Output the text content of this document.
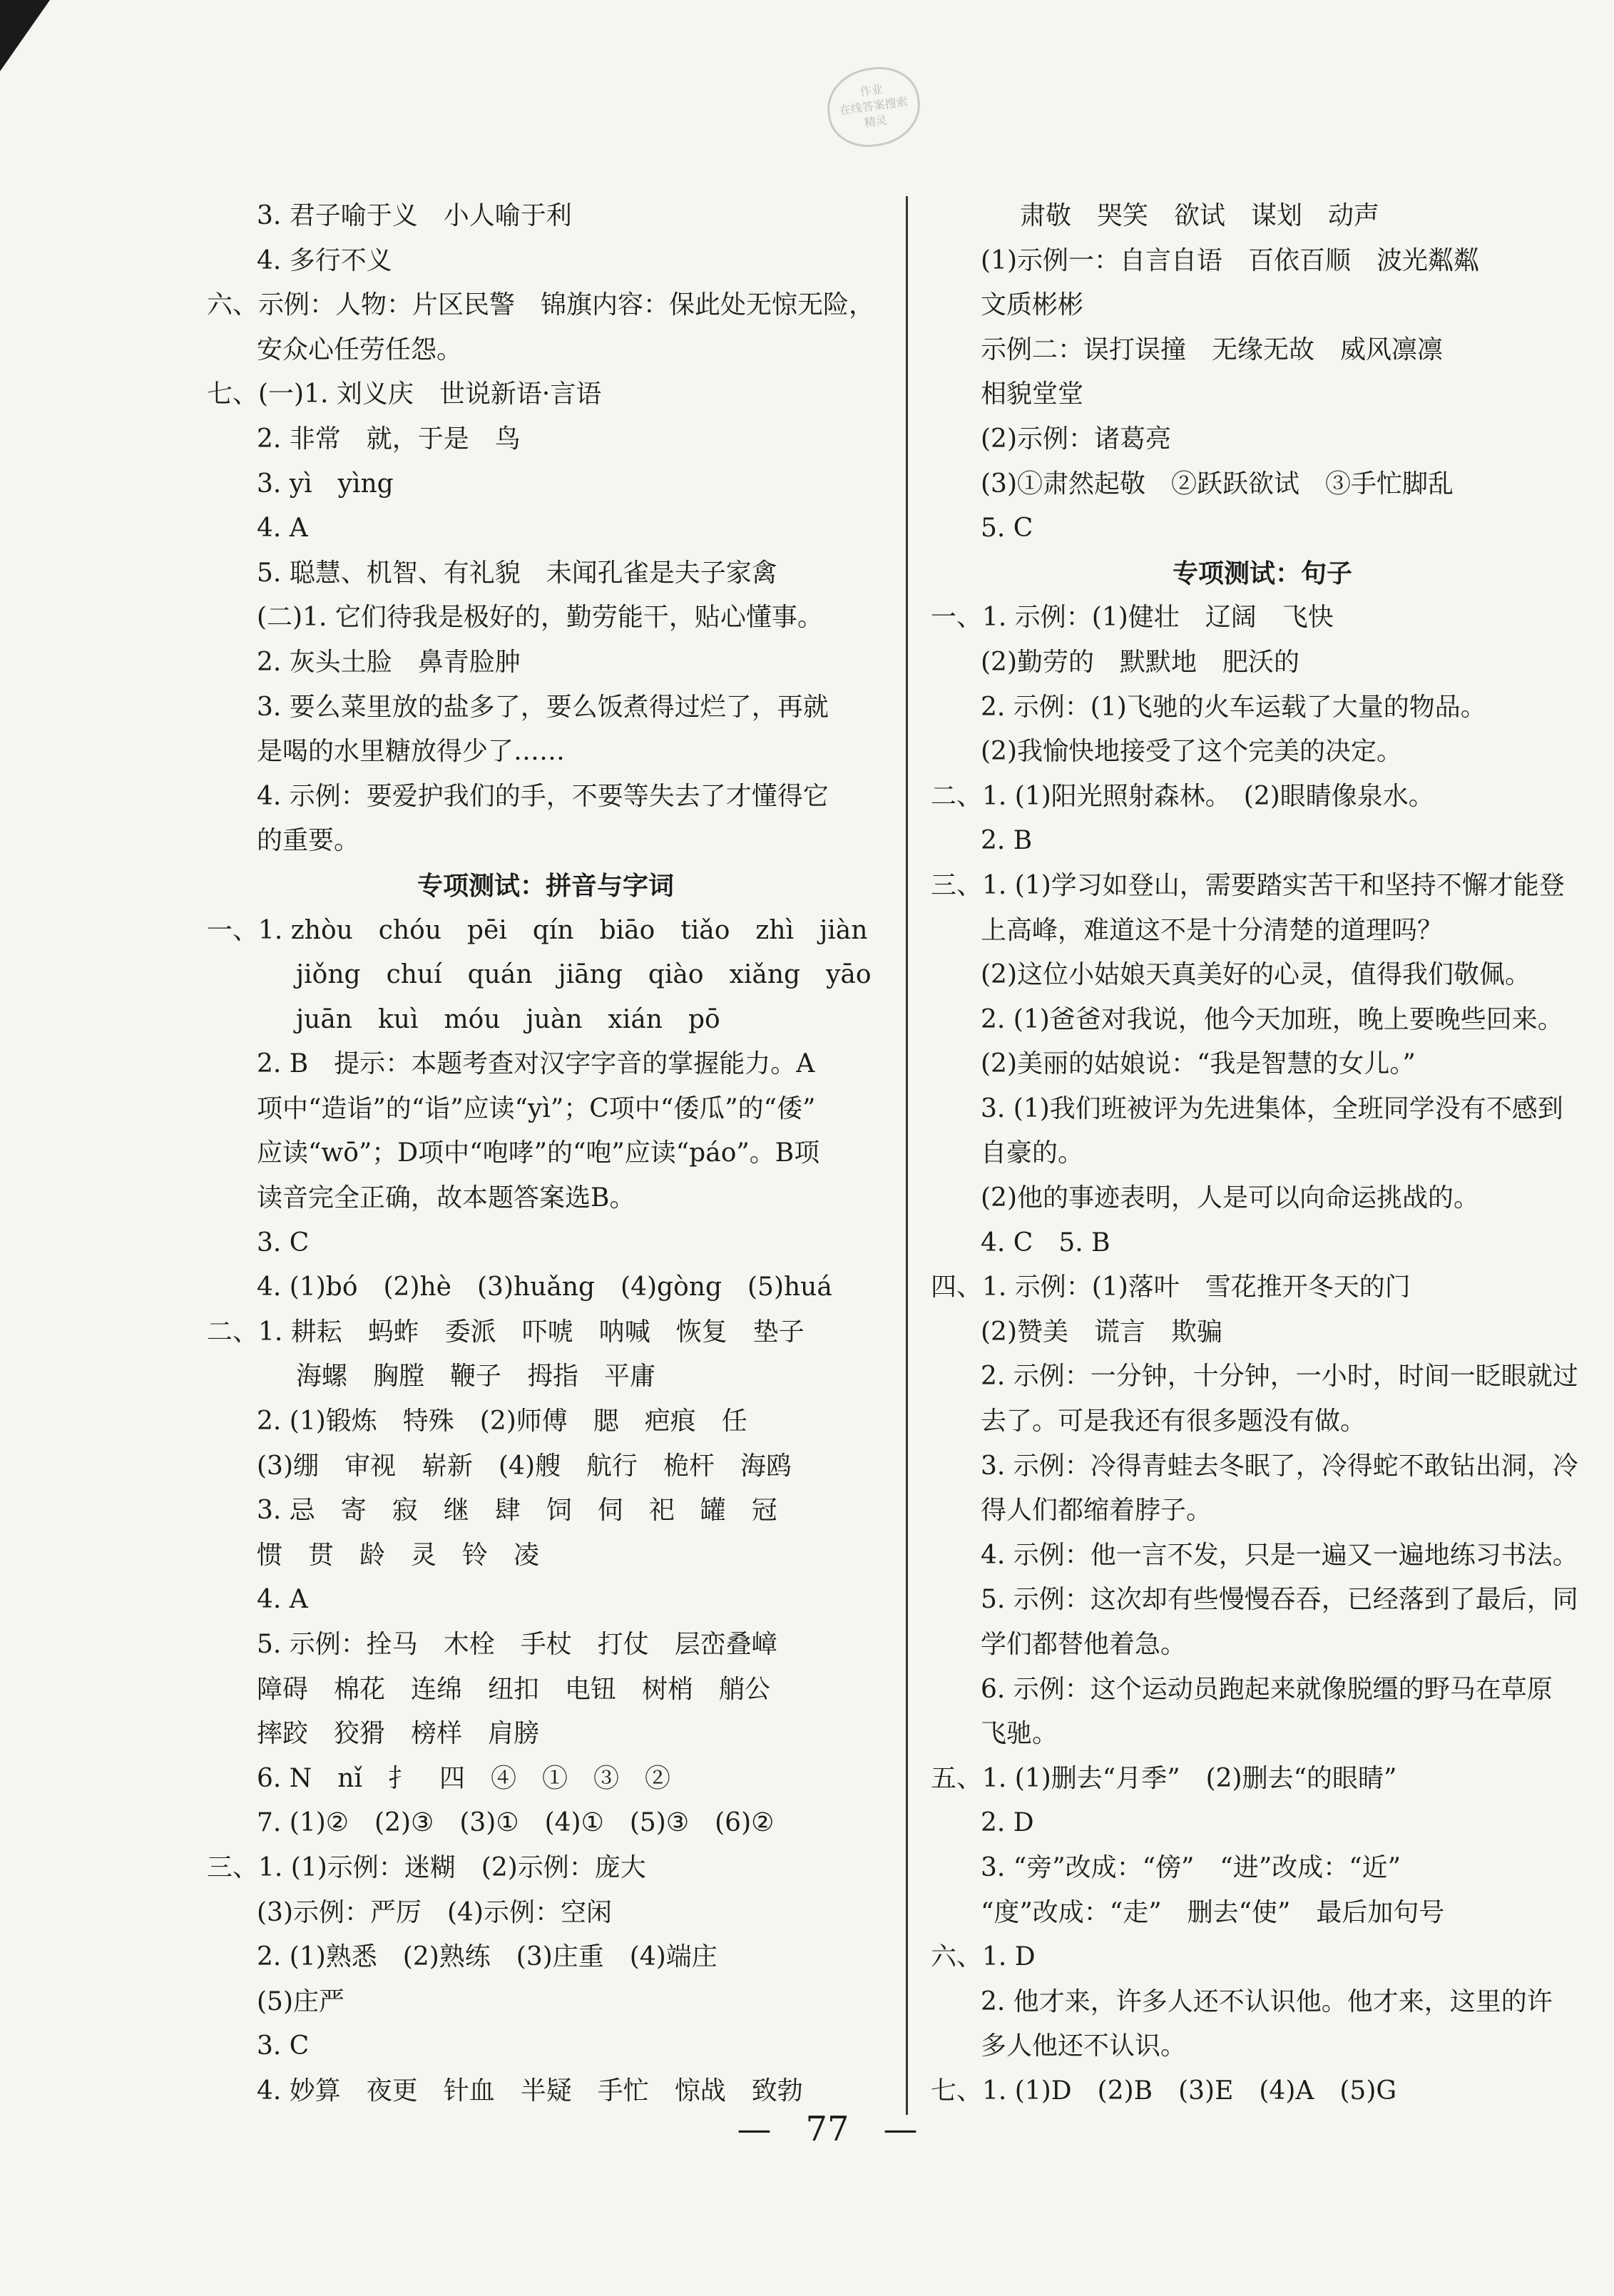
作业
在线答案搜索
精灵
3. 君子喻于义　小人喻于利
4. 多行不义
六、示例：人物：片区民警　锦旗内容：保此处无惊无险，
安众心任劳任怨。
七、(一)1. 刘义庆　世说新语·言语
2. 非常　就，于是　鸟
3. yì　yìng
4. A
5. 聪慧、机智、有礼貌　未闻孔雀是夫子家禽
(二)1. 它们待我是极好的，勤劳能干，贴心懂事。
2. 灰头土脸　鼻青脸肿
3. 要么菜里放的盐多了，要么饭煮得过烂了，再就
是喝的水里糖放得少了……
4. 示例：要爱护我们的手，不要等失去了才懂得它
的重要。
专项测试：拼音与字词
一、1. zhòu　chóu　pēi　qín　biāo　tiǎo　zhì　jiàn
jiǒng　chuí　quán　jiāng　qiào　xiǎng　yāo
juān　kuì　móu　juàn　xián　pō
2. B　提示：本题考查对汉字字音的掌握能力。A
项中“造诣”的“诣”应读“yì”；C项中“倭瓜”的“倭”
应读“wō”；D项中“咆哮”的“咆”应读“páo”。B项
读音完全正确，故本题答案选B。
3. C
4. (1)bó　(2)hè　(3)huǎng　(4)gòng　(5)huá
二、1. 耕耘　蚂蚱　委派　吓唬　呐喊　恢复　垫子
海螺　胸膛　鞭子　拇指　平庸
2. (1)锻炼　特殊　(2)师傅　腮　疤痕　任
(3)绷　审视　崭新　(4)艘　航行　桅杆　海鸥
3. 忌　寄　寂　继　肆　饲　伺　祀　罐　冠
惯　贯　龄　灵　铃　凌
4. A
5. 示例：拴马　木栓　手杖　打仗　层峦叠嶂
障碍　棉花　连绵　纽扣　电钮　树梢　艄公
摔跤　狡猾　榜样　肩膀
6. N　nǐ　扌　四　④　①　③　②
7. (1)②　(2)③　(3)①　(4)①　(5)③　(6)②
三、1. (1)示例：迷糊　(2)示例：庞大
(3)示例：严厉　(4)示例：空闲
2. (1)熟悉　(2)熟练　(3)庄重　(4)端庄
(5)庄严
3. C
4. 妙算　夜更　针血　半疑　手忙　惊战　致勃
肃敬　哭笑　欲试　谋划　动声
(1)示例一：自言自语　百依百顺　波光粼粼
文质彬彬
示例二：误打误撞　无缘无故　威风凛凛
相貌堂堂
(2)示例：诸葛亮
(3)①肃然起敬　②跃跃欲试　③手忙脚乱
5. C
专项测试：句子
一、1. 示例：(1)健壮　辽阔　飞快
(2)勤劳的　默默地　肥沃的
2. 示例：(1)飞驰的火车运载了大量的物品。
(2)我愉快地接受了这个完美的决定。
二、1. (1)阳光照射森林。　(2)眼睛像泉水。
2. B
三、1. (1)学习如登山，需要踏实苦干和坚持不懈才能登
上高峰，难道这不是十分清楚的道理吗？
(2)这位小姑娘天真美好的心灵，值得我们敬佩。
2. (1)爸爸对我说，他今天加班，晚上要晚些回来。
(2)美丽的姑娘说：“我是智慧的女儿。”
3. (1)我们班被评为先进集体，全班同学没有不感到
自豪的。
(2)他的事迹表明，人是可以向命运挑战的。
4. C　5. B
四、1. 示例：(1)落叶　雪花推开冬天的门
(2)赞美　谎言　欺骗
2. 示例：一分钟，十分钟，一小时，时间一眨眼就过
去了。可是我还有很多题没有做。
3. 示例：冷得青蛙去冬眠了，冷得蛇不敢钻出洞，冷
得人们都缩着脖子。
4. 示例：他一言不发，只是一遍又一遍地练习书法。
5. 示例：这次却有些慢慢吞吞，已经落到了最后，同
学们都替他着急。
6. 示例：这个运动员跑起来就像脱缰的野马在草原
飞驰。
五、1. (1)删去“月季”　(2)删去“的眼睛”
2. D
3. “旁”改成：“傍”　“进”改成：“近”
“度”改成：“走”　删去“使”　最后加句号
六、1. D
2. 他才来，许多人还不认识他。他才来，这里的许
多人他还不认识。
七、1. (1)D　(2)B　(3)E　(4)A　(5)G
—　77　—
